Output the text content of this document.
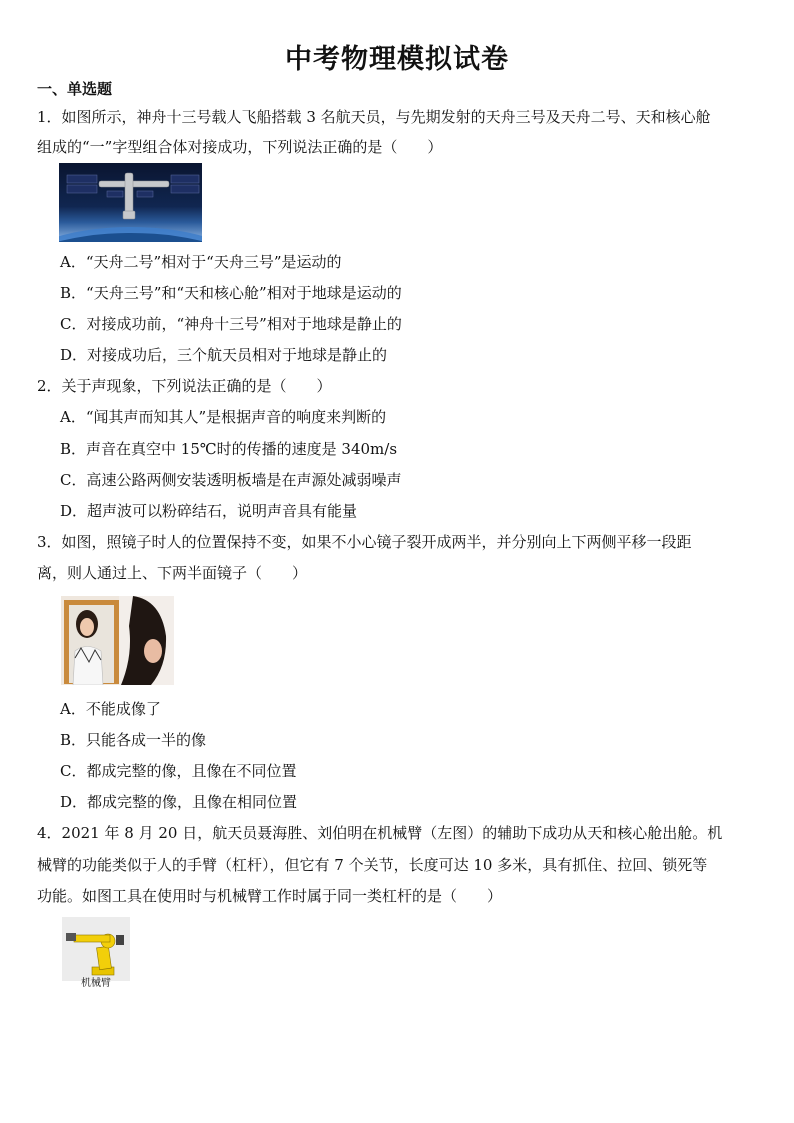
中考物理模拟试卷
一、单选题
1．如图所示，神舟十三号载人飞船搭载 3 名航天员，与先期发射的天舟三号及天舟二号、天和核心舱
组成的“一”字型组合体对接成功，下列说法正确的是（　　）
A．“天舟二号”相对于“天舟三号”是运动的
B．“天舟三号”和“天和核心舱”相对于地球是运动的
C．对接成功前，“神舟十三号”相对于地球是静止的
D．对接成功后，三个航天员相对于地球是静止的
2．关于声现象，下列说法正确的是（　　）
A．“闻其声而知其人”是根据声音的响度来判断的
B．声音在真空中 15℃时的传播的速度是 340m/s
C．高速公路两侧安装透明板墙是在声源处减弱噪声
D．超声波可以粉碎结石，说明声音具有能量
3．如图，照镜子时人的位置保持不变，如果不小心镜子裂开成两半，并分别向上下两侧平移一段距
离，则人通过上、下两半面镜子（　　）
A．不能成像了
B．只能各成一半的像
C．都成完整的像，且像在不同位置
D．都成完整的像，且像在相同位置
4．2021 年 8 月 20 日，航天员聂海胜、刘伯明在机械臂（左图）的辅助下成功从天和核心舱出舱。机
械臂的功能类似于人的手臂（杠杆），但它有 7 个关节，长度可达 10 多米，具有抓住、拉回、锁死等
功能。如图工具在使用时与机械臂工作时属于同一类杠杆的是（　　）
机械臂
